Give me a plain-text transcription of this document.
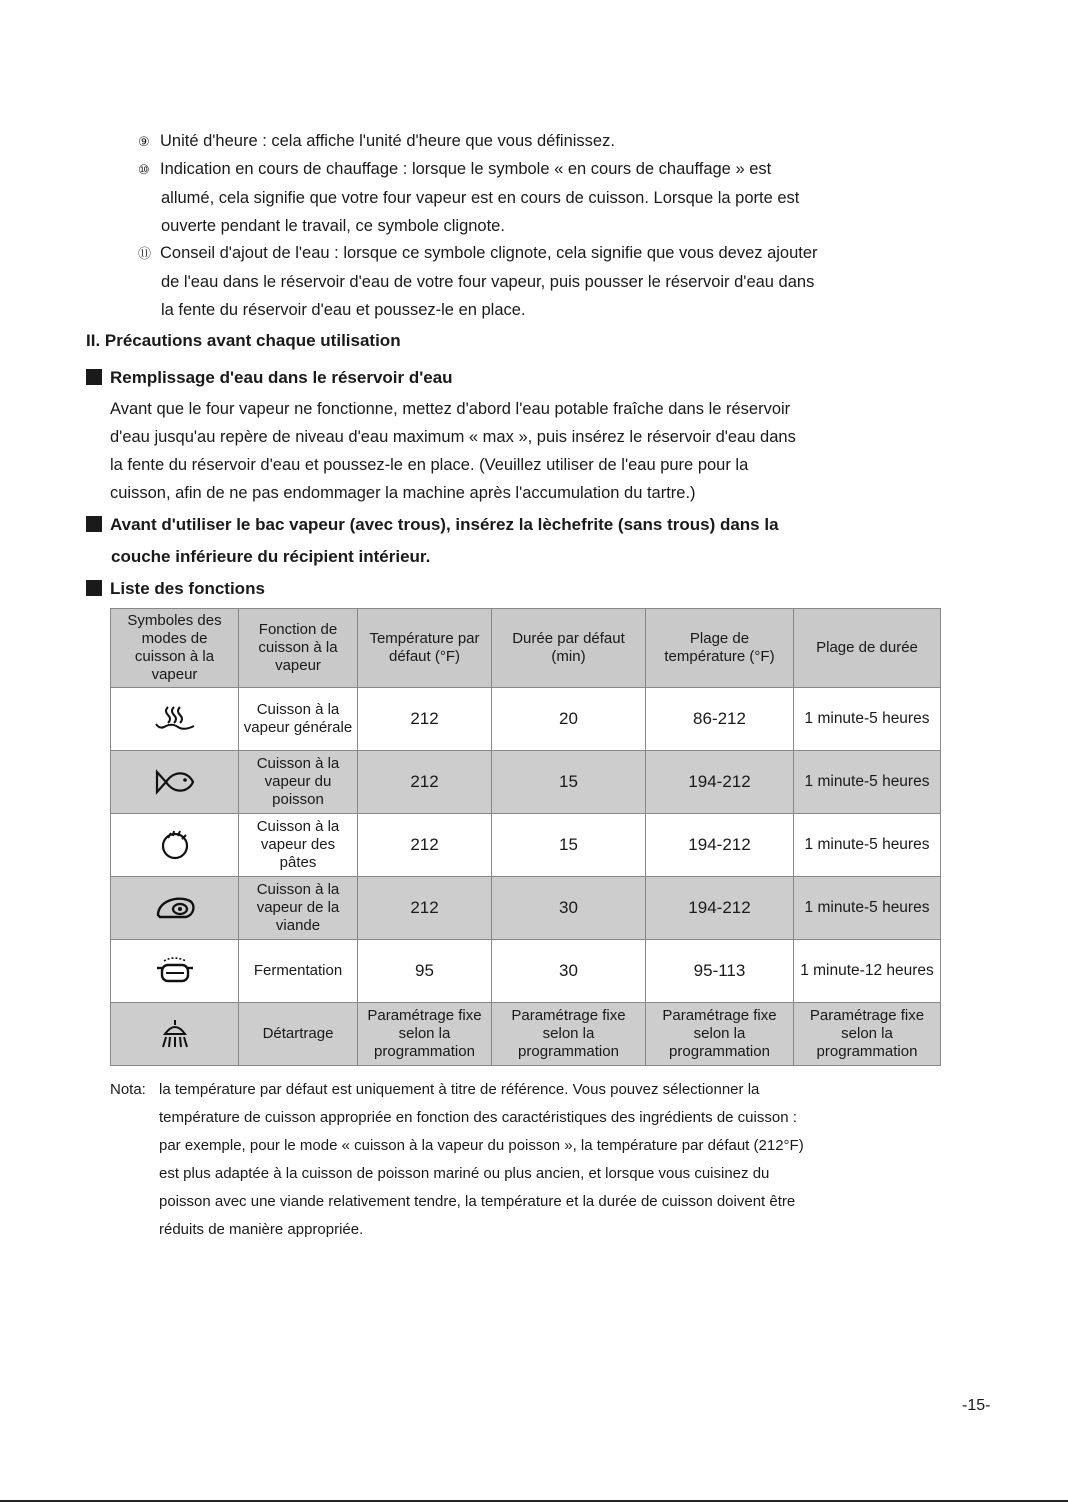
⑨ Unité d'heure : cela affiche l'unité d'heure que vous définissez.
⑩ Indication en cours de chauffage : lorsque le symbole « en cours de chauffage » est
allumé, cela signifie que votre four vapeur est en cours de cuisson. Lorsque la porte est
ouverte pendant le travail, ce symbole clignote.
⑪ Conseil d'ajout de l'eau : lorsque ce symbole clignote, cela signifie que vous devez ajouter
de l'eau dans le réservoir d'eau de votre four vapeur, puis pousser le réservoir d'eau dans
la fente du réservoir d'eau et poussez-le en place.
II. Précautions avant chaque utilisation
Remplissage d'eau dans le réservoir d'eau
Avant que le four vapeur ne fonctionne, mettez d'abord l'eau potable fraîche dans le réservoir
d'eau jusqu'au repère de niveau d'eau maximum « max », puis insérez le réservoir d'eau dans
la fente du réservoir d'eau et poussez-le en place. (Veuillez utiliser de l'eau pure pour la
cuisson, afin de ne pas endommager la machine après l'accumulation du tartre.)
Avant d'utiliser le bac vapeur (avec trous), insérez la lèchefrite (sans trous) dans la
couche inférieure du récipient intérieur.
Liste des fonctions
Symboles des modes de cuisson à la vapeur	Fonction de cuisson à la vapeur	Température par défaut (°F)	Durée par défaut (min)	Plage de température (°F)	Plage de durée

	Cuisson à la vapeur générale	212	20	86-212	1 minute-5 heures

	Cuisson à la vapeur du poisson	212	15	194-212	1 minute-5 heures

	Cuisson à la vapeur des pâtes	212	15	194-212	1 minute-5 heures

	Cuisson à la vapeur de la viande	212	30	194-212	1 minute-5 heures

	Fermentation	95	30	95-113	1 minute-12 heures

	Détartrage	Paramétrage fixe selon la programmation	Paramétrage fixe selon la programmation	Paramétrage fixe selon la programmation	Paramétrage fixe selon la programmation
Nota: la température par défaut est uniquement à titre de référence. Vous pouvez sélectionner la
température de cuisson appropriée en fonction des caractéristiques des ingrédients de cuisson :
par exemple, pour le mode « cuisson à la vapeur du poisson », la température par défaut (212°F)
est plus adaptée à la cuisson de poisson mariné ou plus ancien, et lorsque vous cuisinez du
poisson avec une viande relativement tendre, la température et la durée de cuisson doivent être
réduits de manière appropriée.
-15-
